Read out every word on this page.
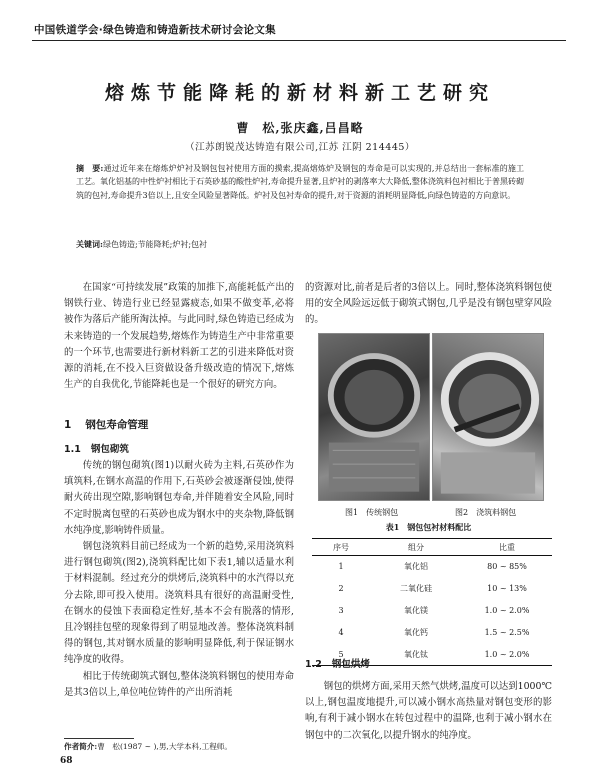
中国铁道学会·绿色铸造和铸造新技术研讨会论文集
熔炼节能降耗的新材料新工艺研究
曹　松,张庆鑫,吕昌略
（江苏朗锐茂达铸造有限公司,江苏 江阴 214445）
摘　要:通过近年来在熔炼炉炉衬及钢包包衬使用方面的摸索,提高熔炼炉及钢包的寿命是可以实现的,并总结出一套标准的施工工艺。氧化铝基的中性炉衬相比于石英砂基的酸性炉衬,寿命提升显著,且炉衬的剥落率大大降低,整体浇筑料包衬相比于普黑砖砌筑的包衬,寿命提升3倍以上,且安全风险显著降低。炉衬及包衬寿命的提升,对于资源的消耗明显降低,向绿色铸造的方向意识。
关键词:绿色铸造;节能降耗;炉衬;包衬

在国家“可持续发展”政策的加推下,高能耗低产出的钢铁行业、铸造行业已经显露疲态,如果不做变革,必将被作为落后产能所淘汰掉。与此同时,绿色铸造已经成为未来铸造的一个发展趋势,熔炼作为铸造生产中非常重要的一个环节,也需要进行新材料新工艺的引进来降低对资源的消耗,在不投入巨资做设备升级改造的情况下,熔炼生产的自我优化,节能降耗也是一个很好的研究方向。

1 钢包寿命管理
1.1 钢包砌筑

传统的钢包砌筑(图1)以耐火砖为主料,石英砂作为填筑料,在钢水高温的作用下,石英砂会被逐渐侵蚀,使得耐火砖出现空隙,影响钢包寿命,并伴随着安全风险,同时不定时脱离包壁的石英砂也成为钢水中的夹杂物,降低钢水纯净度,影响铸件质量。

钢包浇筑料目前已经成为一个新的趋势,采用浇筑料进行钢包砌筑(图2),浇筑料配比如下表1,辅以适量水利于材料混制。经过充分的烘烤后,浇筑料中的水汽得以充分去除,即可投入使用。浇筑料具有很好的高温耐受性,在钢水的侵蚀下表面稳定性好,基本不会有脱落的情形,且冷钢挂包壁的现象得到了明显地改善。整体浇筑料制得的钢包,其对钢水质量的影响明显降低,利于保证钢水纯净度的收得。

相比于传统砌筑式钢包,整体浇筑料钢包的使用寿命是其3倍以上,单位吨位铸件的产出所消耗

的资源对比,前者是后者的3倍以上。同时,整体浇筑料钢包使用的安全风险远远低于砌筑式钢包,几乎是没有钢包壁穿风险的。

图1　传统钢包	图2　浇筑料钢包
表1　钢包包衬材料配比
序号	组分	比重
1	氧化铝	80 ~ 85%
2	二氧化硅	10 ~ 13%
3	氧化镁	1.0 ~ 2.0%
4	氧化钙	1.5 ~ 2.5%
5	氧化钛	1.0 ~ 2.0%
1.2 钢包烘烤

钢包的烘烤方面,采用天然气烘烤,温度可以达到1000℃以上,钢包温度地提升,可以减小钢水高热量对钢包变形的影响,有利于减小钢水在转包过程中的温降,也利于减小钢水在钢包中的二次氧化,以提升钢水的纯净度。

作者简介:曹　松(1987 ~ ),男,大学本科,工程师。
68
